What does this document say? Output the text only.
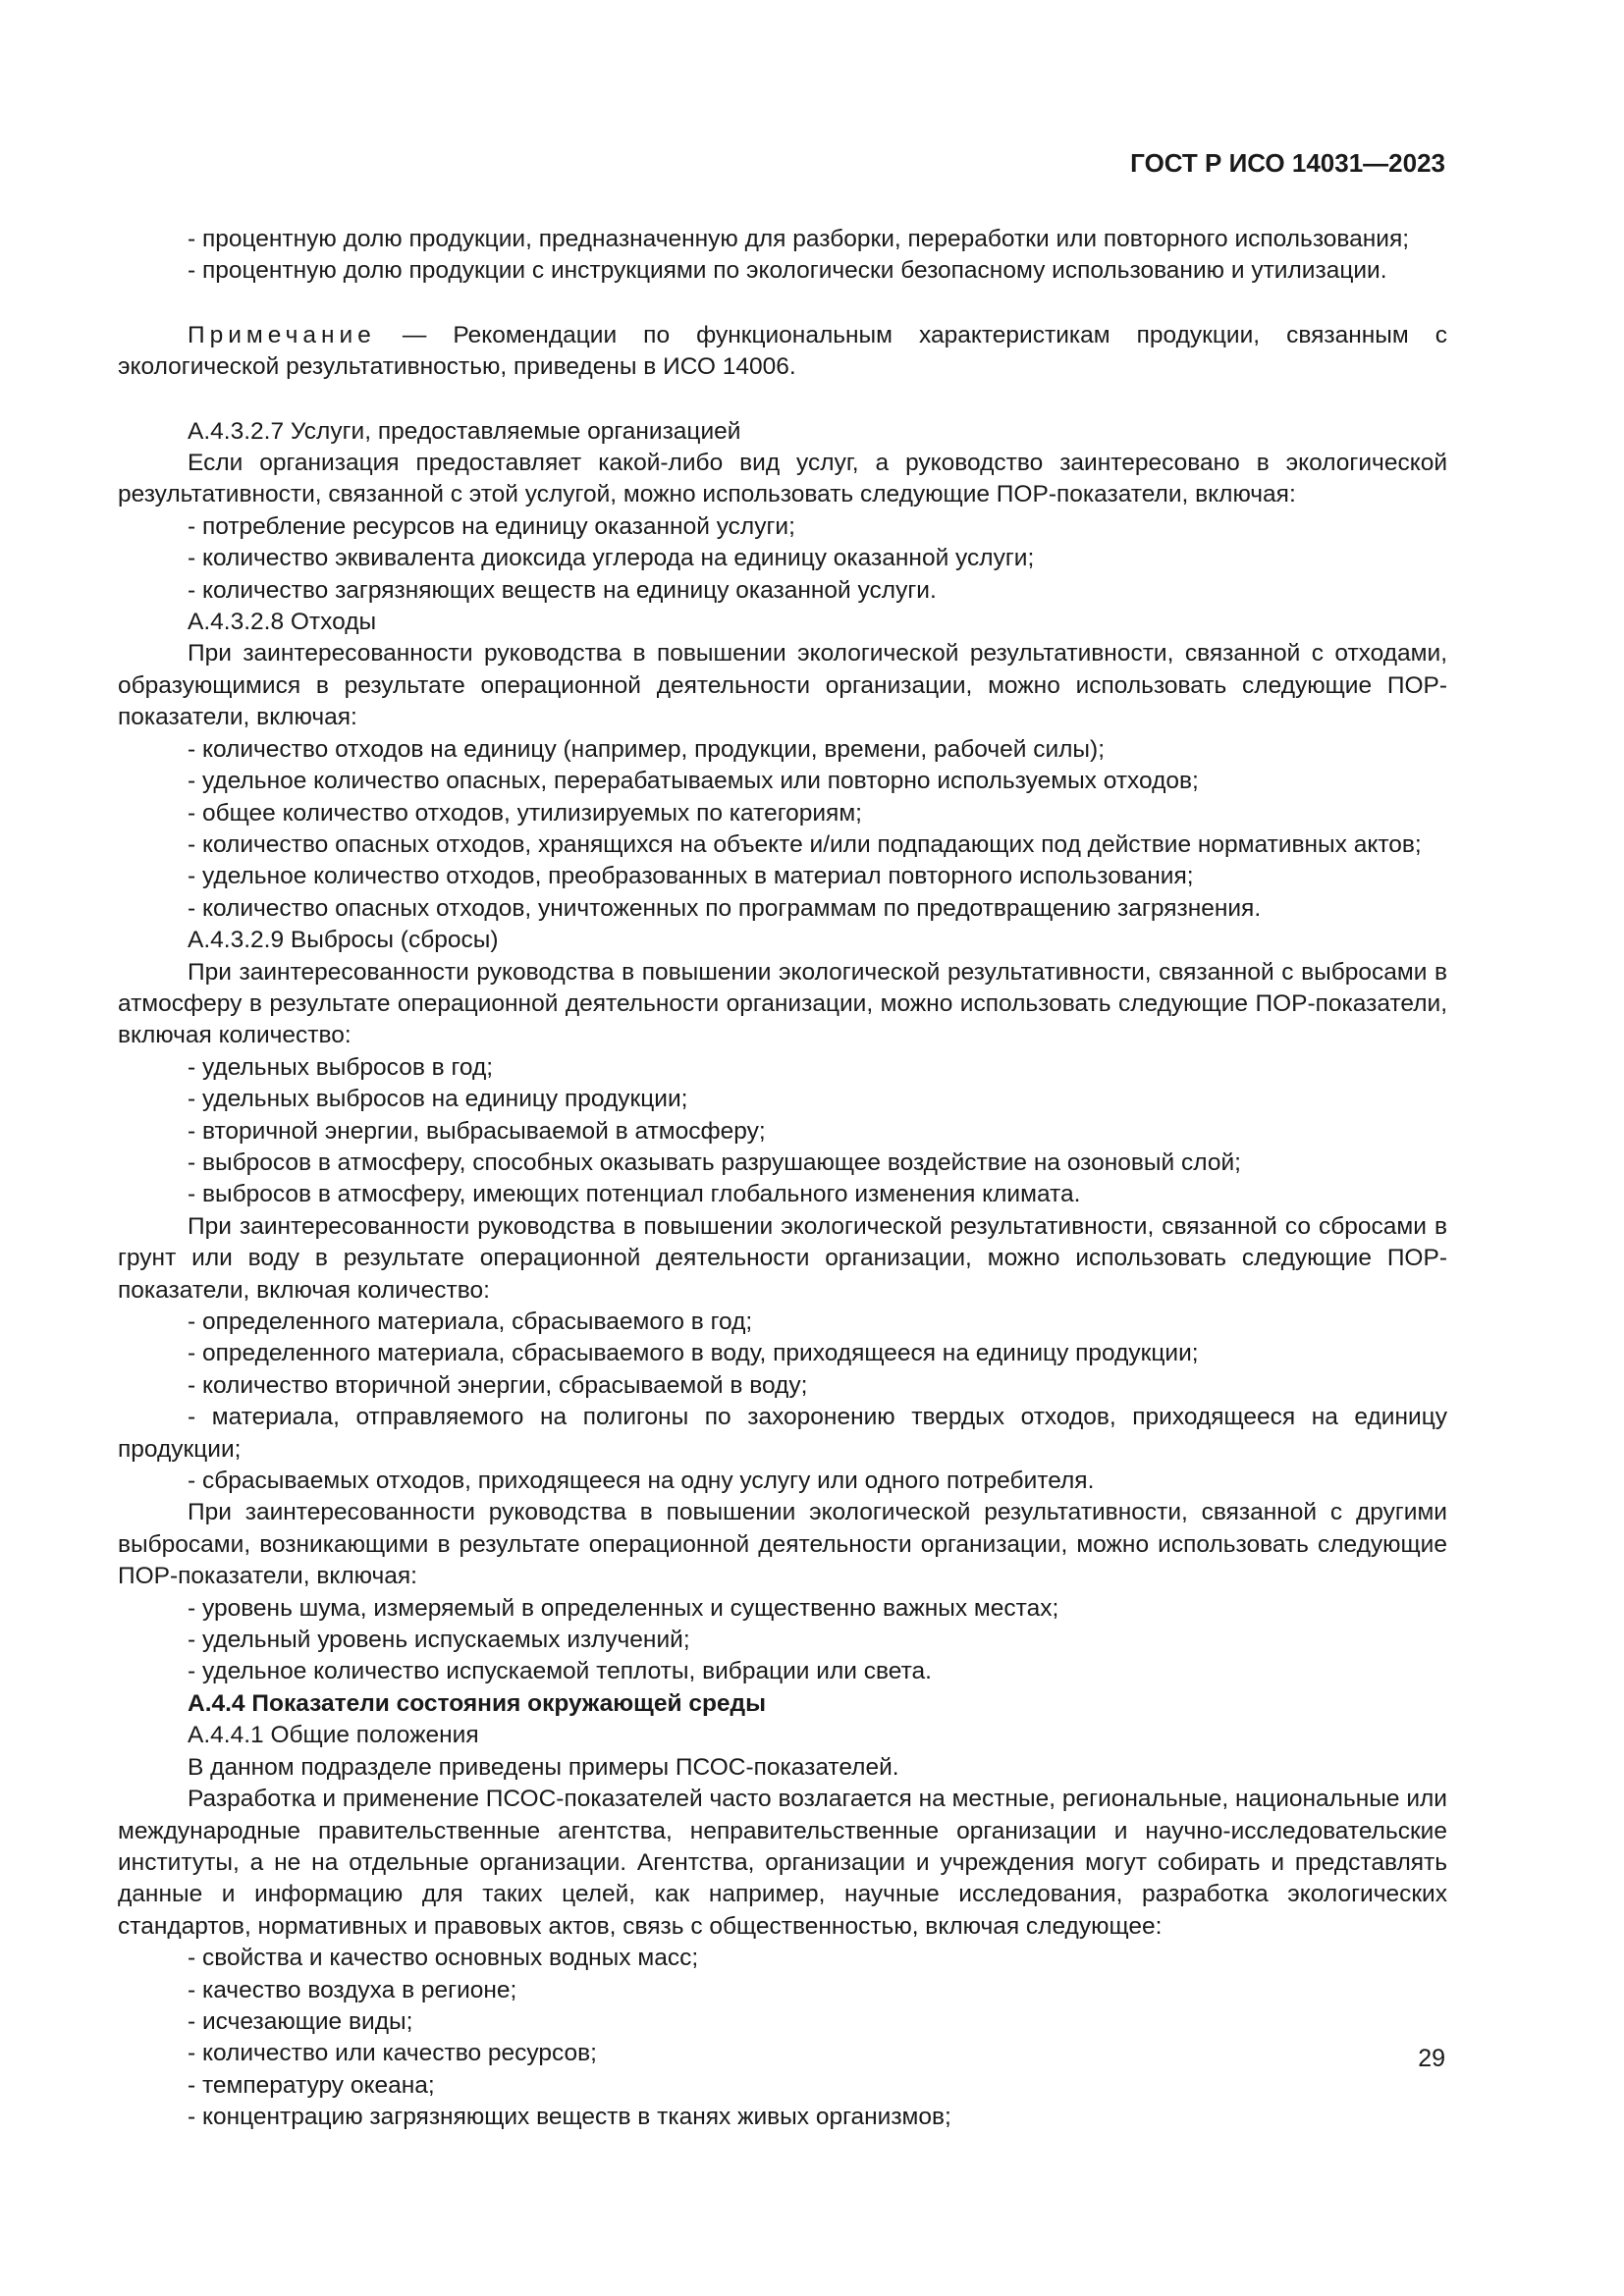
ГОСТ Р ИСО 14031—2023

- процентную долю продукции, предназначенную для разборки, переработки или повторного использования;

- процентную долю продукции с инструкциями по экологически безопасному использованию и утилизации.

Примечание — Рекомендации по функциональным характеристикам продукции, связанным с экологической результативностью, приведены в ИСО 14006.

А.4.3.2.7 Услуги, предоставляемые организацией

Если организация предоставляет какой-либо вид услуг, а руководство заинтересовано в экологической результативности, связанной с этой услугой, можно использовать следующие ПОР-показатели, включая:

- потребление ресурсов на единицу оказанной услуги;

- количество эквивалента диоксида углерода на единицу оказанной услуги;

- количество загрязняющих веществ на единицу оказанной услуги.

А.4.3.2.8 Отходы

При заинтересованности руководства в повышении экологической результативности, связанной с отходами, образующимися в результате операционной деятельности организации, можно использовать следующие ПОР-показатели, включая:

- количество отходов на единицу (например, продукции, времени, рабочей силы);

- удельное количество опасных, перерабатываемых или повторно используемых отходов;

- общее количество отходов, утилизируемых по категориям;

- количество опасных отходов, хранящихся на объекте и/или подпадающих под действие нормативных актов;

- удельное количество отходов, преобразованных в материал повторного использования;

- количество опасных отходов, уничтоженных по программам по предотвращению загрязнения.

А.4.3.2.9 Выбросы (сбросы)

При заинтересованности руководства в повышении экологической результативности, связанной с выбросами в атмосферу в результате операционной деятельности организации, можно использовать следующие ПОР-показатели, включая количество:

- удельных выбросов в год;

- удельных выбросов на единицу продукции;

- вторичной энергии, выбрасываемой в атмосферу;

- выбросов в атмосферу, способных оказывать разрушающее воздействие на озоновый слой;

- выбросов в атмосферу, имеющих потенциал глобального изменения климата.

При заинтересованности руководства в повышении экологической результативности, связанной со сбросами в грунт или воду в результате операционной деятельности организации, можно использовать следующие ПОР-показатели, включая количество:

- определенного материала, сбрасываемого в год;

- определенного материала, сбрасываемого в воду, приходящееся на единицу продукции;

- количество вторичной энергии, сбрасываемой в воду;

- материала, отправляемого на полигоны по захоронению твердых отходов, приходящееся на единицу продукции;

- сбрасываемых отходов, приходящееся на одну услугу или одного потребителя.

При заинтересованности руководства в повышении экологической результативности, связанной с другими выбросами, возникающими в результате операционной деятельности организации, можно использовать следующие ПОР-показатели, включая:

- уровень шума, измеряемый в определенных и существенно важных местах;

- удельный уровень испускаемых излучений;

- удельное количество испускаемой теплоты, вибрации или света.

А.4.4 Показатели состояния окружающей среды

А.4.4.1 Общие положения

В данном подразделе приведены примеры ПСОС-показателей.

Разработка и применение ПСОС-показателей часто возлагается на местные, региональные, национальные или международные правительственные агентства, неправительственные организации и научно-исследовательские институты, а не на отдельные организации. Агентства, организации и учреждения могут собирать и представлять данные и информацию для таких целей, как например, научные исследования, разработка экологических стандартов, нормативных и правовых актов, связь с общественностью, включая следующее:

- свойства и качество основных водных масс;

- качество воздуха в регионе;

- исчезающие виды;

- количество или качество ресурсов;

- температуру океана;

- концентрацию загрязняющих веществ в тканях живых организмов;

29
